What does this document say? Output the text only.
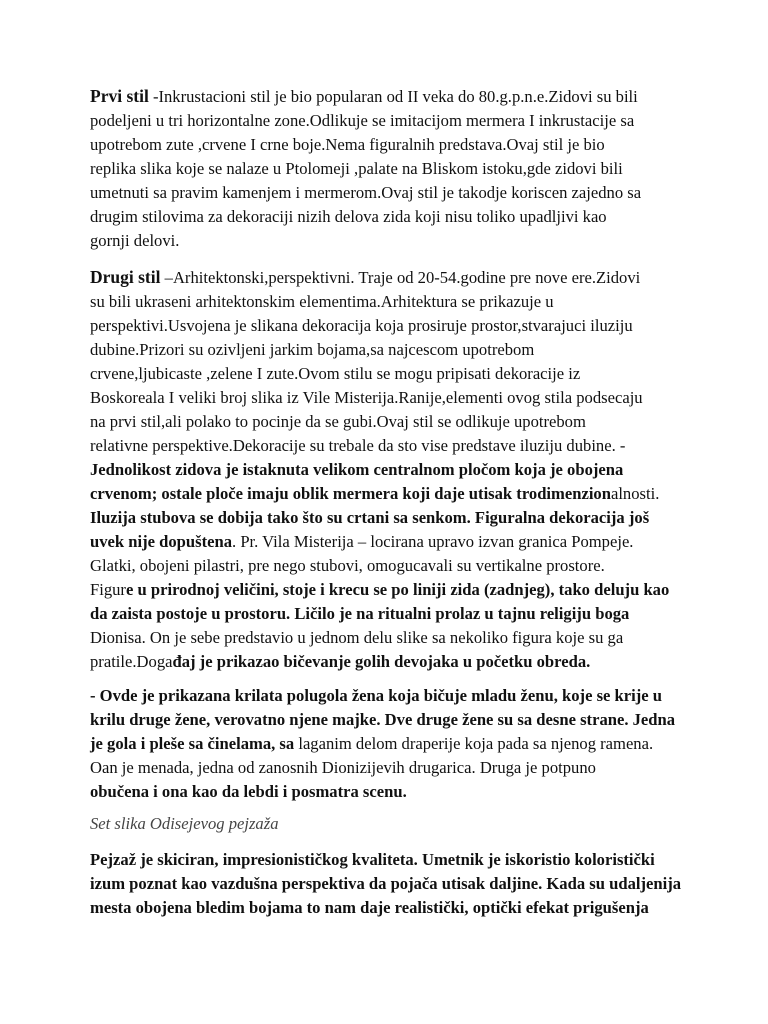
Prvi stil -Inkrustacioni stil je bio popularan od II veka do 80.g.p.n.e.Zidovi su bili
podeljeni u tri horizontalne zone.Odlikuje se imitacijom mermera I inkrustacije sa
upotrebom zute ,crvene I crne boje.Nema figuralnih predstava.Ovaj stil je bio
replika slika koje se nalaze u Ptolomeji ,palate na Bliskom istoku,gde zidovi bili
umetnuti sa pravim kamenjem i mermerom.Ovaj stil je takodje koriscen zajedno sa
drugim stilovima za dekoraciji nizih delova zida koji nisu toliko upadljivi kao
gornji delovi.

Drugi stil –Arhitektonski,perspektivni. Traje od 20-54.godine pre nove ere.Zidovi
su bili ukraseni arhitektonskim elementima.Arhitektura se prikazuje u
perspektivi.Usvojena je slikana dekoracija koja prosiruje prostor,stvarajuci iluziju
dubine.Prizori su ozivljeni jarkim bojama,sa najcescom upotrebom
crvene,ljubicaste ,zelene I zute.Ovom stilu se mogu pripisati dekoracije iz
Boskoreala I veliki broj slika iz Vile Misterija.Ranije,elementi ovog stila podsecaju
na prvi stil,ali polako to pocinje da se gubi.Ovaj stil se odlikuje upotrebom
relativne perspektive.Dekoracije su trebale da sto vise predstave iluziju dubine. -
Jednolikost zidova je istaknuta velikom centralnom pločom koja je obojena
crvenom; ostale ploče imaju oblik mermera koji daje utisak trodimenzionalnosti.
Iluzija stubova se dobija tako što su crtani sa senkom. Figuralna dekoracija još
uvek nije dopuštena. Pr. Vila Misterija – locirana upravo izvan granica Pompeje.
Glatki, obojeni pilastri, pre nego stubovi, omogucavali su vertikalne prostore.
Figure u prirodnoj veličini, stoje i krecu se po liniji zida (zadnjeg), tako deluju kao
da zaista postoje u prostoru. Ličilo je na ritualni prolaz u tajnu religiju boga
Dionisa. On je sebe predstavio u jednom delu slike sa nekoliko figura koje su ga
pratile.Događaj je prikazao bičevanje golih devojaka u početku obreda.

- Ovde je prikazana krilata polugola žena koja bičuje mladu ženu, koje se krije u
krilu druge žene, verovatno njene majke. Dve druge žene su sa desne strane. Jedna
je gola i pleše sa činelama, sa laganim delom draperije koja pada sa njenog ramena.
Oan je menada, jedna od zanosnih Dionizijevih drugarica. Druga je potpuno
obučena i ona kao da lebdi i posmatra scenu.

Set slika Odisejevog pejzaža

Pejzaž je skiciran, impresionističkog kvaliteta. Umetnik je iskoristio koloristički
izum poznat kao vazdušna perspektiva da pojača utisak daljine. Kada su udaljenija
mesta obojena bledim bojama to nam daje realistički, optički efekat prigušenja
